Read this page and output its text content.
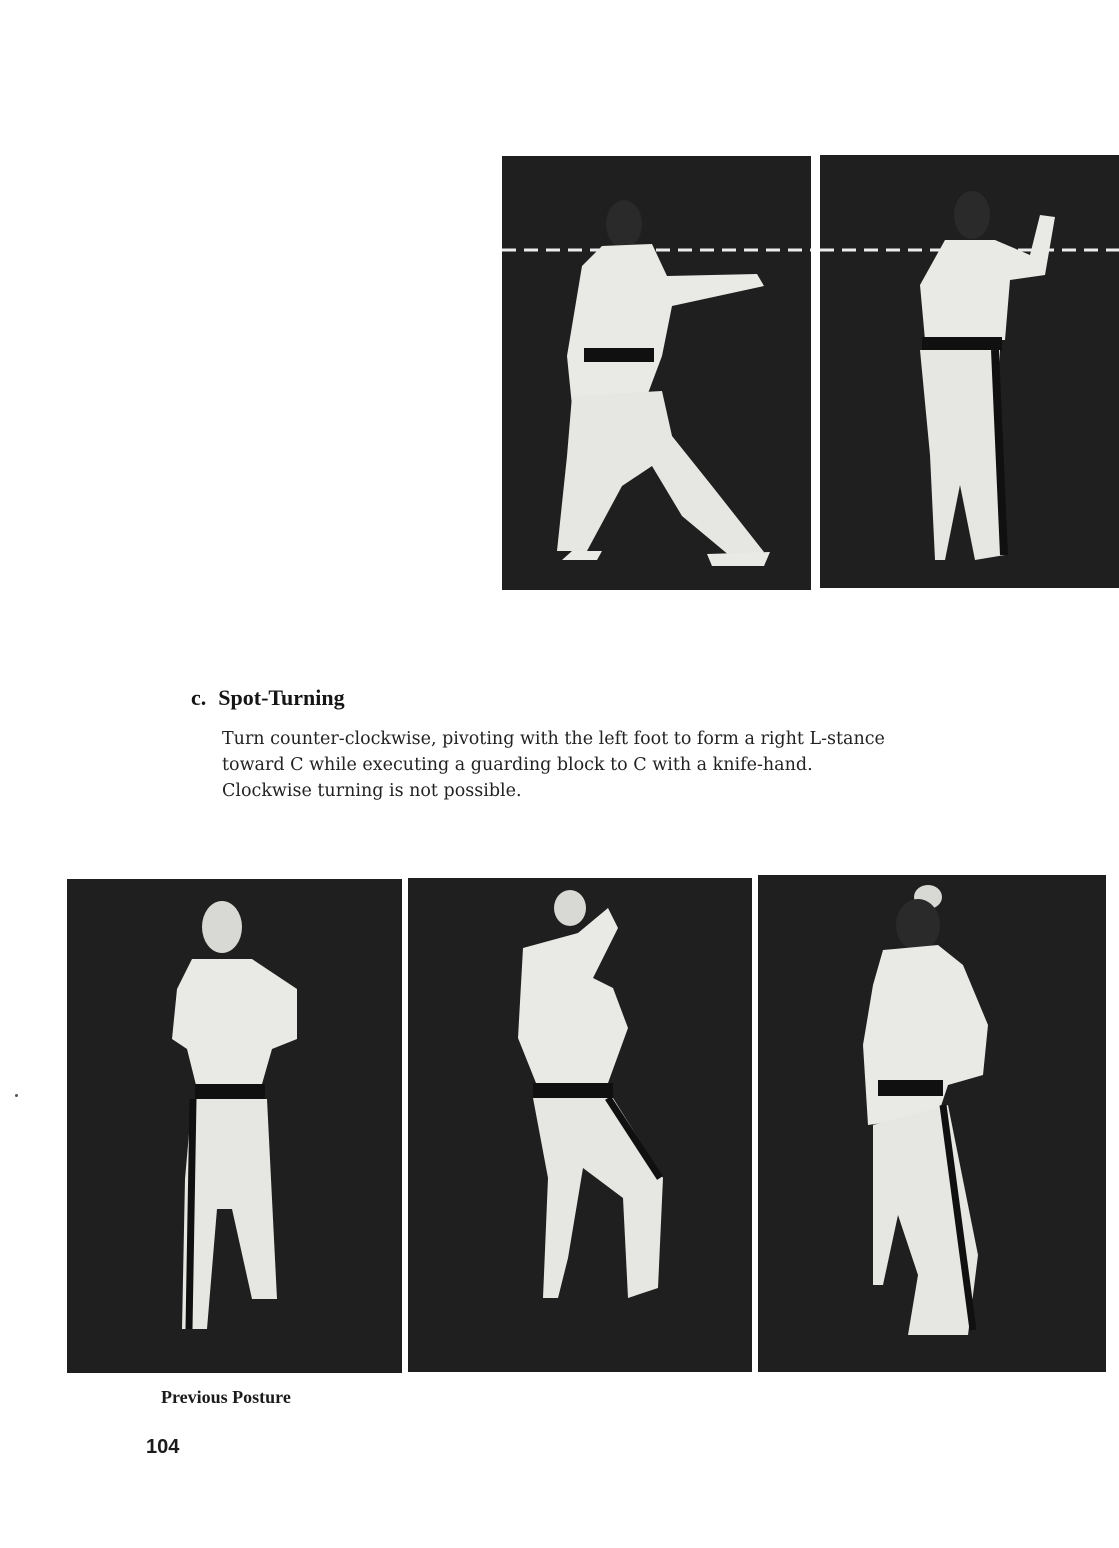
c. Spot-Turning

Turn counter-clockwise, pivoting with the left foot to form a right L-stance toward C while executing a guarding block to C with a knife-hand.

Clockwise turning is not possible.

Previous Posture
104
